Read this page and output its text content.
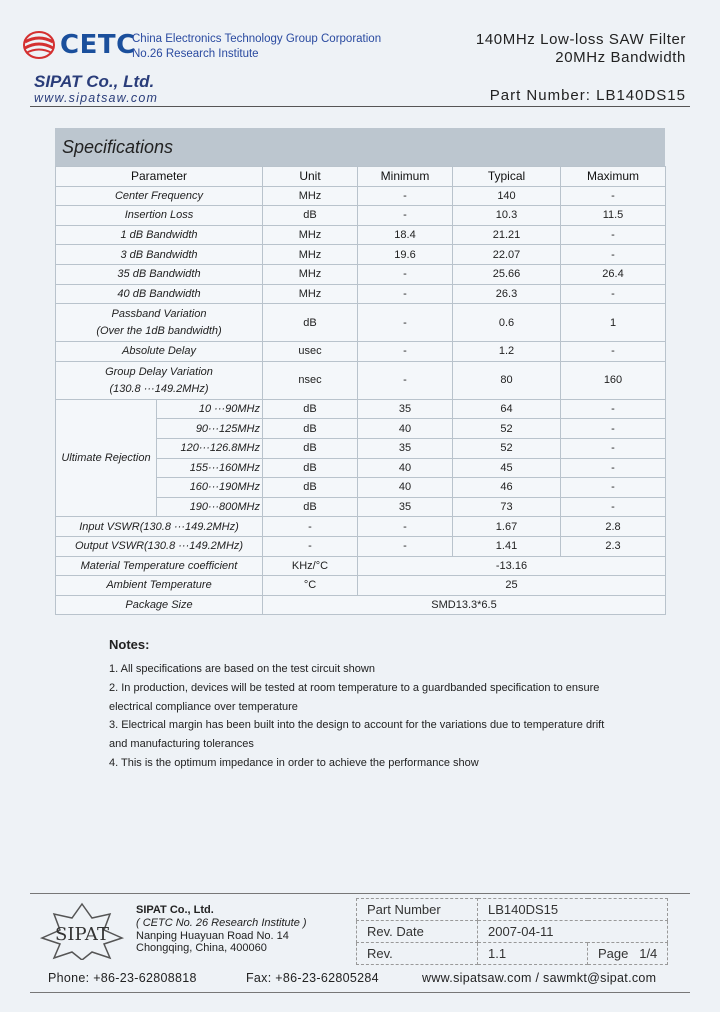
CETC
China Electronics Technology Group Corporation
No.26 Research Institute
SIPAT Co., Ltd.
www.sipatsaw.com
140MHz Low-loss SAW Filter
20MHz Bandwidth
Part Number: LB140DS15
Specifications
Parameter		Unit	Minimum	Typical	Maximum
Center Frequency		MHz	-	140	-
Insertion Loss		dB	-	10.3	11.5
1 dB Bandwidth		MHz	18.4	21.21	-
3 dB Bandwidth		MHz	19.6	22.07	-
35 dB Bandwidth		MHz	-	25.66	26.4
40 dB Bandwidth		MHz	-	26.3	-

Passband Variation
(Over the 1dB bandwidth)		dB	-	0.6	1
Absolute Delay		usec	-	1.2	-

Group Delay Variation
(130.8 ···149.2MHz)		nsec	-	80	160
Ultimate Rejection	10 ···90MHz	dB	35	64	-
	90···125MHz	dB	40	52	-
	120···126.8MHz	dB	35	52	-
	155···160MHz	dB	40	45	-
	160···190MHz	dB	40	46	-
	190···800MHz	dB	35	73	-
Input VSWR(130.8 ···149.2MHz)		-	-	1.67	2.8
Output VSWR(130.8 ···149.2MHz)		-	-	1.41	2.3
Material Temperature coefficient		KHz/°C	-13.16		
Ambient Temperature		°C	25		
Package Size		SMD13.3*6.5			
Notes:

1. All specifications are based on the test circuit shown

2. In production, devices will be tested at room temperature to a guardbanded specification to ensure

electrical compliance over temperature

3. Electrical margin has been built into the design to account for the variations due to temperature drift

and manufacturing tolerances

4. This is the optimum impedance in order to achieve the performance show

SIPAT
SIPAT Co., Ltd.
( CETC No. 26 Research Institute )
Nanping Huayuan Road No. 14
Chongqing, China, 400060
Part Number	LB140DS15	
Rev. Date	2007-04-11	
Rev.	1.1	Page 1/4
Phone: +86-23-62808818	Fax: +86-23-62805284	www.sipatsaw.com / sawmkt@sipat.com
